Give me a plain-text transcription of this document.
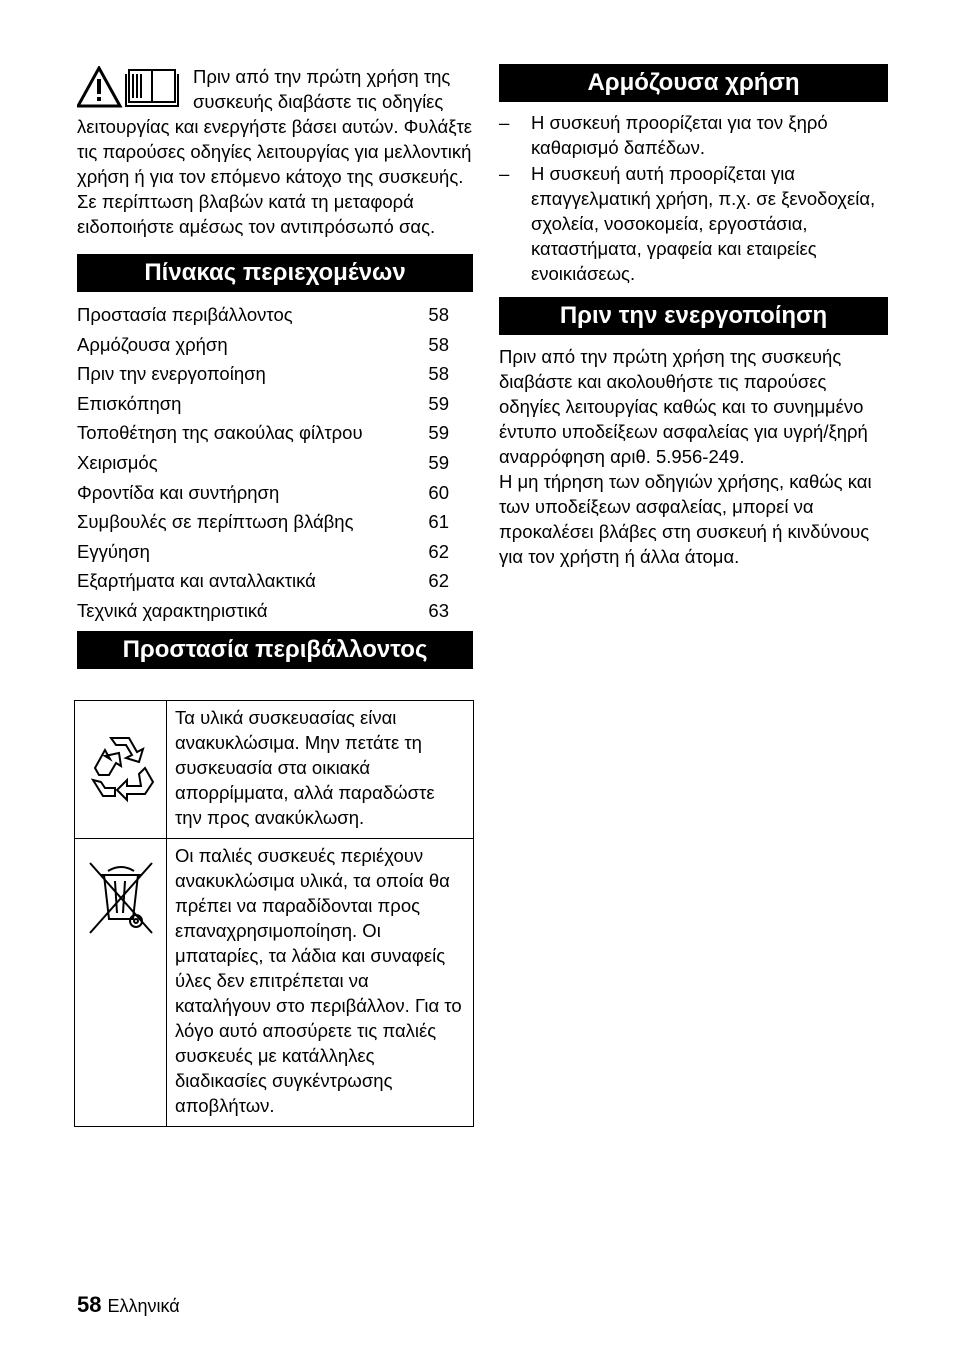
Πριν από την πρώτη χρήση της συσκευής διαβάστε τις οδηγίες λειτουργίας και ενεργήστε βάσει αυτών. Φυλάξτε τις παρούσες οδηγίες λειτουργίας για μελλοντική χρήση ή για τον επόμενο κάτοχο της συσκευής.

Σε περίπτωση βλαβών κατά τη μεταφορά ειδοποιήστε αμέσως τον αντιπρόσωπό σας.

Πίνακας περιεχομένων
Προστασία περιβάλλοντος	58
Αρμόζουσα χρήση	58
Πριν την ενεργοποίηση	58
Επισκόπηση	59
Τοποθέτηση της σακούλας φίλτρου	59
Χειρισμός	59
Φροντίδα και συντήρηση	60
Συμβουλές σε περίπτωση βλάβης	61
Εγγύηση	62
Εξαρτήματα και ανταλλακτικά	62
Τεχνικά χαρακτηριστικά	63
Προστασία περιβάλλοντος
	Τα υλικά συσκευασίας είναι ανακυκλώσιμα. Μην πετάτε τη συσκευασία στα οικιακά απορρίμματα, αλλά παραδώστε την προς ανακύκλωση.
	Οι παλιές συσκευές περιέχουν ανακυκλώσιμα υλικά, τα οποία θα πρέπει να παραδίδονται προς επαναχρησιμοποίηση. Οι μπαταρίες, τα λάδια και συναφείς ύλες δεν επιτρέπεται να καταλήγουν στο περιβάλλον. Για το λόγο αυτό αποσύρετε τις παλιές συσκευές με κατάλληλες διαδικασίες συγκέντρωσης αποβλήτων.
Αρμόζουσα χρήση
– Η συσκευή προορίζεται για τον ξηρό καθαρισμό δαπέδων.
– Η συσκευή αυτή προορίζεται για επαγγελματική χρήση, π.χ. σε ξενοδοχεία, σχολεία, νοσοκομεία, εργοστάσια, καταστήματα, γραφεία και εταιρείες ενοικιάσεως.
Πριν την ενεργοποίηση

Πριν από την πρώτη χρήση της συσκευής διαβάστε και ακολουθήστε τις παρούσες οδηγίες λειτουργίας καθώς και το συνημμένο έντυπο υποδείξεων ασφαλείας για υγρή/ξηρή αναρρόφηση αριθ. 5.956-249.

Η μη τήρηση των οδηγιών χρήσης, καθώς και των υποδείξεων ασφαλείας, μπορεί να προκαλέσει βλάβες στη συσκευή ή κινδύνους για τον χρήστη ή άλλα άτομα.

58 Ελληνικά
